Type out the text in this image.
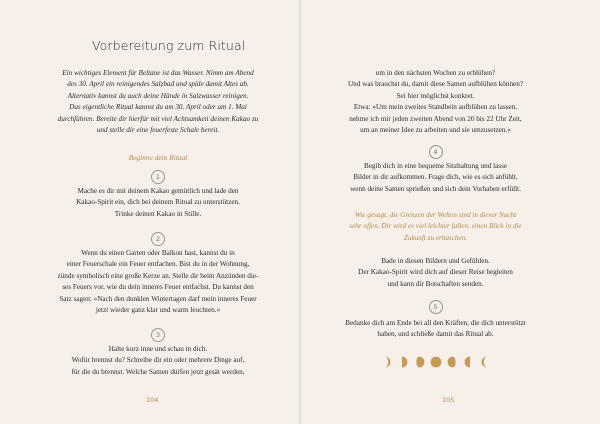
Vorbereitung zum Ritual

Ein wichtiges Element für Beltane ist das Wasser. Nimm am Abend

des 30. April ein reinigendes Salzbad und spüle damit Altes ab.

Alternativ kannst du auch deine Hände in Salzwasser reinigen.

Das eigentliche Ritual kannst du am 30. April oder am 1. Mai

durchführen. Bereite dir hierfür mit viel Achtsamkeit deinen Kakao zu

und stelle dir eine feuerfeste Schale bereit.

Beginne dein Ritual
1

Mache es dir mit deinem Kakao gemütlich und lade den

Kakao-Spirit ein, dich bei deinem Ritual zu unterstützen.

Trinke deinen Kakao in Stille.

2

Wenn du einen Garten oder Balkon hast, kannst du in

einer Feuerschale ein Feuer entfachen. Bist du in der Wohnung,

zünde symbolisch eine große Kerze an. Stelle dir beim Anzünden die-

ses Feuers vor, wie du dein inneres Feuer entfachst. Du kannst den

Satz sagen: »Nach den dunklen Wintertagen darf mein inneres Feuer

jetzt wieder ganz klar und warm leuchten.«

3

Halte kurz inne und schau in dich.

Wofür brennst du? Schreibe dir ein oder mehrere Dinge auf,

für die du brennst. Welche Samen dürfen jetzt gesät werden,

104

um in den nächsten Wochen zu erblühen?

Und was brauchst du, damit diese Samen aufblühen können?

Sei hier möglichst konkret.

Etwa: »Um mein zweites Standbein aufblühen zu lassen,

nehme ich mir jeden zweiten Abend von 20 bis 22 Uhr Zeit,

um an meiner Idee zu arbeiten und sie umzusetzen.«

4

Begib dich in eine bequeme Sitzhaltung und lasse

Bilder in dir aufkommen. Frage dich, wie es sich anfühlt,

wenn deine Samen sprießen und sich dein Vorhaben erfüllt.

Wie gesagt, die Grenzen der Welten sind in dieser Nacht

sehr offen. Dir wird es viel leichter fallen, einen Blick in die

Zukunft zu erhaschen.

Bade in diesen Bildern und Gefühlen.

Der Kakao-Spirit wird dich auf dieser Reise begleiten

und kann dir Botschaften senden.

5

Bedanke dich am Ende bei all den Kräften, die dich unterstützt

haben, und schließe damit das Ritual ab.

105
